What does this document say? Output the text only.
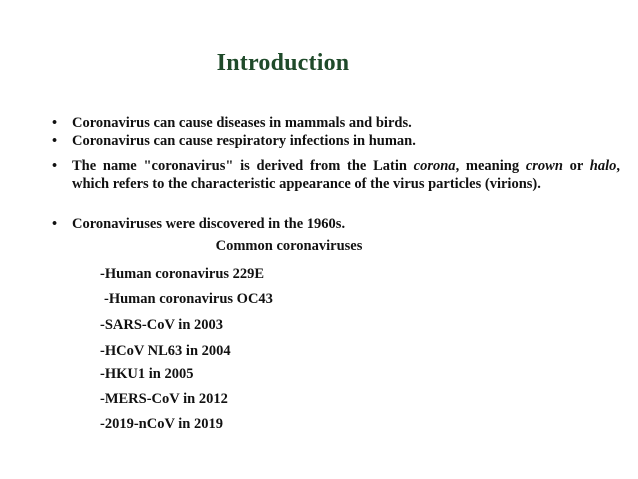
Introduction
• Coronavirus can cause diseases in mammals and birds.
• Coronavirus can cause respiratory infections in human.
• The name "coronavirus" is derived from the Latin corona, meaning crown or halo, which refers to the characteristic appearance of the virus particles (virions).
• Coronaviruses were discovered in the 1960s.
Common coronaviruses
-Human coronavirus 229E
-Human coronavirus OC43
-SARS-CoV in 2003
-HCoV NL63 in 2004
-HKU1 in 2005
-MERS-CoV in 2012
-2019-nCoV in 2019
